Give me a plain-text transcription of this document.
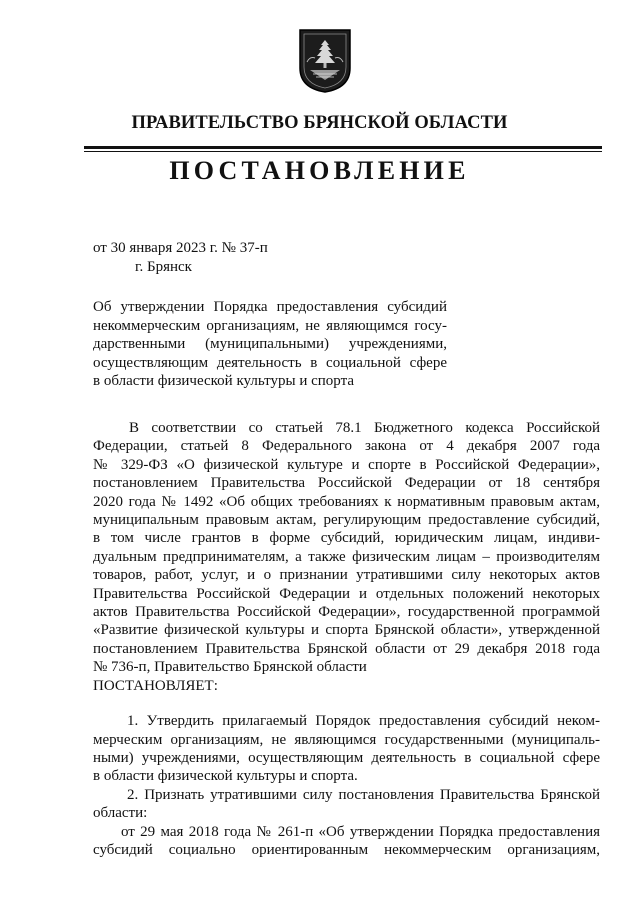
ПРАВИТЕЛЬСТВО БРЯНСКОЙ ОБЛАСТИ
ПОСТАНОВЛЕНИЕ
от 30 января 2023 г. № 37-п
г. Брянск
Об утверждении Порядка предоставления субсидий
некоммерческим организациям, не являющимся госу-
дарственными (муниципальными) учреждениями,
осуществляющим деятельность в социальной сфере
в области физической культуры и спорта
В соответствии со статьей 78.1 Бюджетного кодекса Российской
Федерации, статьей 8 Федерального закона от 4 декабря 2007 года
№ 329-ФЗ «О физической культуре и спорте в Российской Федерации»,
постановлением Правительства Российской Федерации от 18 сентября
2020 года № 1492 «Об общих требованиях к нормативным правовым актам,
муниципальным правовым актам, регулирующим предоставление субсидий,
в том числе грантов в форме субсидий, юридическим лицам, индиви-
дуальным предпринимателям, а также физическим лицам – производителям
товаров, работ, услуг, и о признании утратившими силу некоторых актов
Правительства Российской Федерации и отдельных положений некоторых
актов Правительства Российской Федерации», государственной программой
«Развитие физической культуры и спорта Брянской области», утвержденной
постановлением Правительства Брянской области от 29 декабря 2018 года
№ 736-п, Правительство Брянской области
ПОСТАНОВЛЯЕТ:
1. Утвердить прилагаемый Порядок предоставления субсидий неком-
мерческим организациям, не являющимся государственными (муниципаль-
ными) учреждениями, осуществляющим деятельность в социальной сфере
в области физической культуры и спорта.
2. Признать утратившими силу постановления Правительства Брянской
области:
от 29 мая 2018 года № 261-п «Об утверждении Порядка предоставления
субсидий социально ориентированным некоммерческим организациям,
